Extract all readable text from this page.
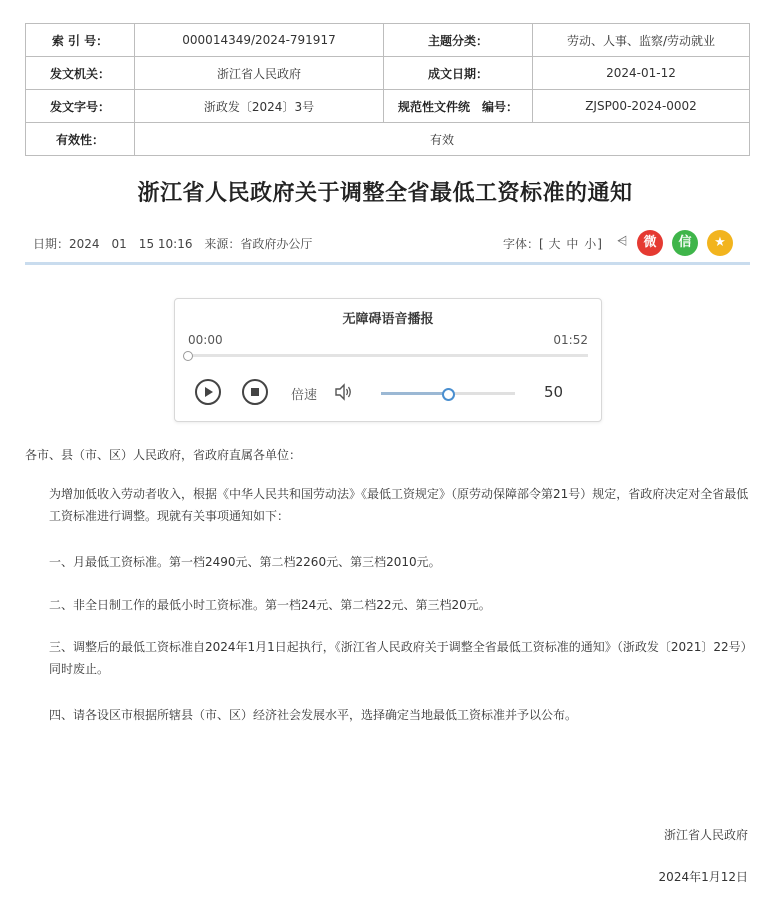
索 引 号：	000014349/2024-791917	主题分类：	劳动、人事、监察/劳动就业
发文机关：	浙江省人民政府	成文日期：	2024-01-12
发文字号：	浙政发〔2024〕3号	规范性文件统　编号：	ZJSP00-2024-0002
有效性：	有效		
浙江省人民政府关于调整全省最低工资标准的通知
日期：2024　01　15 10:16 来源：省政府办公厅	字体：[ 大 中 小] ⩤	微	信	★
无障碍语音播报
00:00	01:52
倍速	50
各市、县（市、区）人民政府，省政府直属各单位：
为增加低收入劳动者收入，根据《中华人民共和国劳动法》《最低工资规定》（原劳动保障部令第21号）规定，省政府决定对全省最低工资标准进行调整。现就有关事项通知如下：
一、月最低工资标准。第一档2490元、第二档2260元、第三档2010元。
二、非全日制工作的最低小时工资标准。第一档24元、第二档22元、第三档20元。
三、调整后的最低工资标准自2024年1月1日起执行，《浙江省人民政府关于调整全省最低工资标准的通知》（浙政发〔2021〕22号）同时废止。
四、请各设区市根据所辖县（市、区）经济社会发展水平，选择确定当地最低工资标准并予以公布。
浙江省人民政府
2024年1月12日
